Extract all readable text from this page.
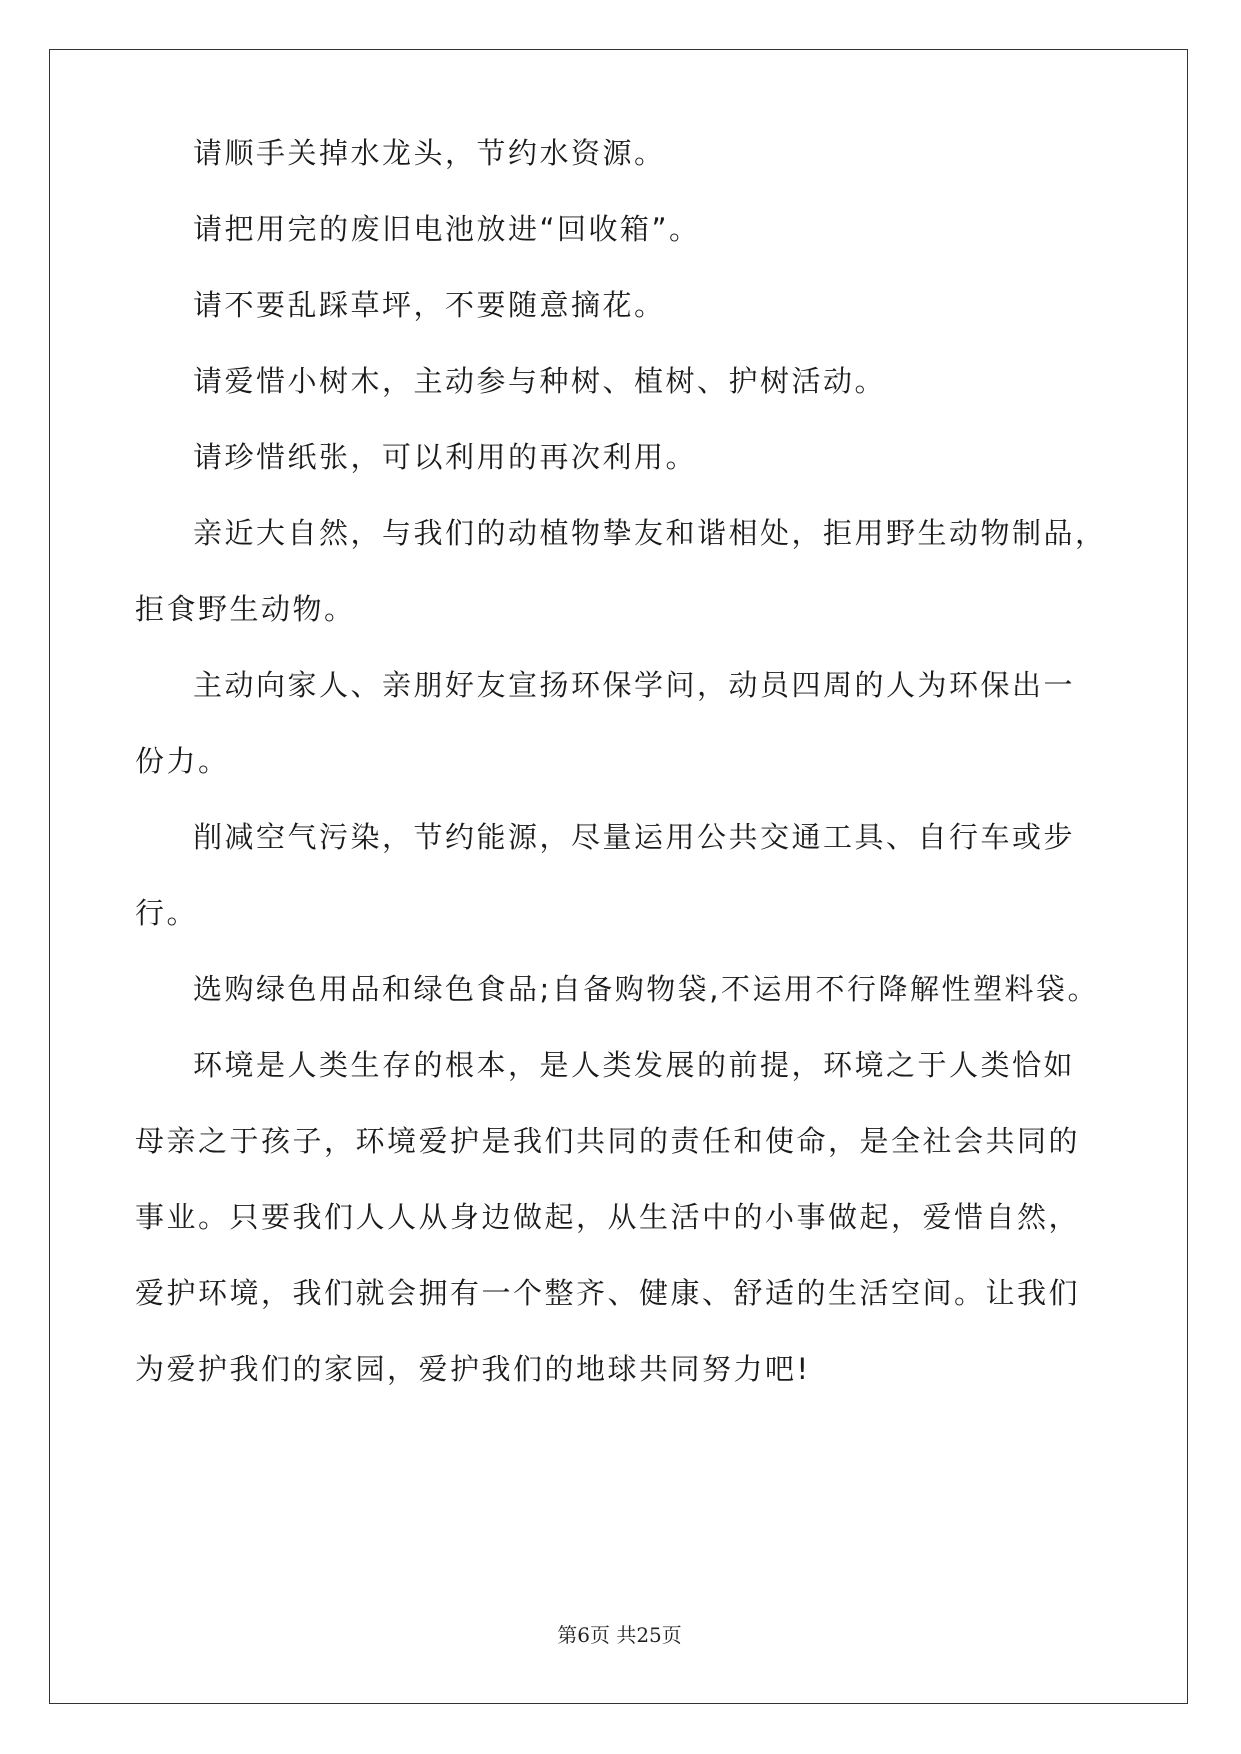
请顺手关掉水龙头，节约水资源。
请把用完的废旧电池放进“回收箱”。
请不要乱踩草坪，不要随意摘花。
请爱惜小树木，主动参与种树、植树、护树活动。
请珍惜纸张，可以利用的再次利用。
亲近大自然，与我们的动植物挚友和谐相处，拒用野生动物制品，
拒食野生动物。
主动向家人、亲朋好友宣扬环保学问，动员四周的人为环保出一
份力。
削减空气污染，节约能源，尽量运用公共交通工具、自行车或步
行。
选购绿色用品和绿色食品;自备购物袋,不运用不行降解性塑料袋。
环境是人类生存的根本，是人类发展的前提，环境之于人类恰如
母亲之于孩子，环境爱护是我们共同的责任和使命，是全社会共同的
事业。只要我们人人从身边做起，从生活中的小事做起，爱惜自然，
爱护环境，我们就会拥有一个整齐、健康、舒适的生活空间。让我们
为爱护我们的家园，爱护我们的地球共同努力吧!
第6页 共25页
